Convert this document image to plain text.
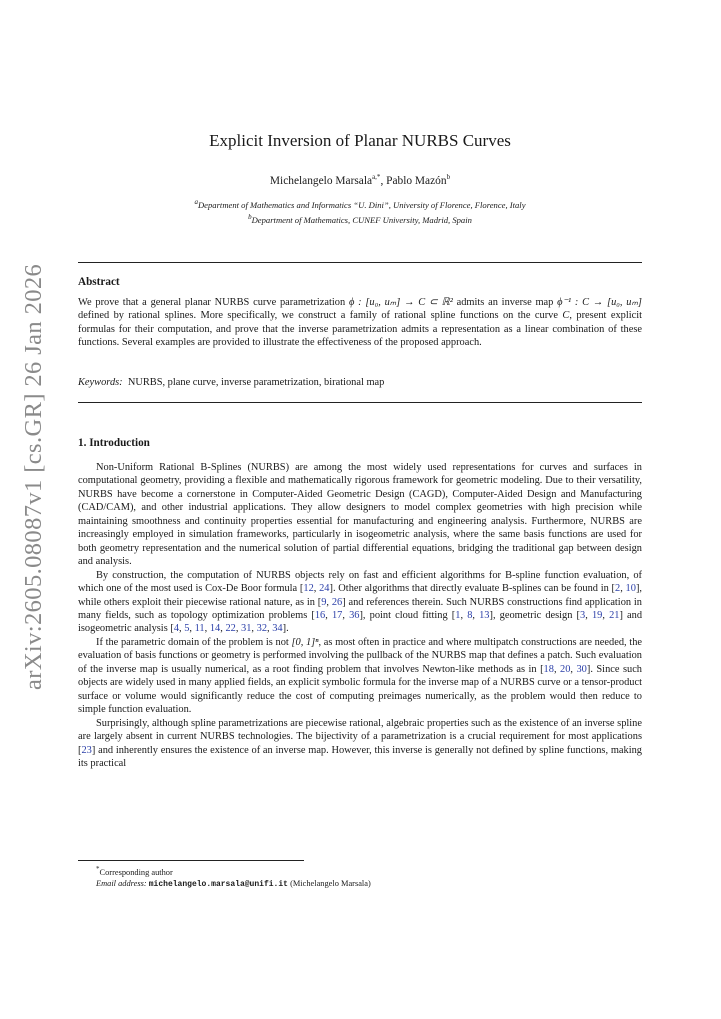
arXiv:2605.08087v1 [cs.GR] 26 Jan 2026
Explicit Inversion of Planar NURBS Curves
Michelangelo Marsala$^{a,*}$, Pablo Mazón$^b$
$^a$Department of Mathematics and Informatics “U. Dini”, University of Florence, Florence, Italy
$^b$Department of Mathematics, CUNEF University, Madrid, Spain
Abstract
We prove that a general planar NURBS curve parametrization ϕ : [u₀, uₘ] → C ⊂ ℝ² admits an inverse map ϕ⁻¹ : C → [u₀, uₘ] defined by rational splines. More specifically, we construct a family of rational spline functions on the curve C, present explicit formulas for their computation, and prove that the inverse parametrization admits a representation as a linear combination of these functions. Several examples are provided to illustrate the effectiveness of the proposed approach.
Keywords: NURBS, plane curve, inverse parametrization, birational map
1. Introduction

Non-Uniform Rational B-Splines (NURBS) are among the most widely used representations for curves and surfaces in computational geometry, providing a flexible and mathematically rigorous framework for geometric modeling. Due to their versatility, NURBS have become a cornerstone in Computer-Aided Geometric Design (CAGD), Computer-Aided Design and Manufacturing (CAD/CAM), and other industrial applications. They allow designers to model complex geometries with high precision while maintaining smoothness and continuity properties essential for manufacturing and engineering analysis. Furthermore, NURBS are increasingly employed in simulation frameworks, particularly in isogeometric analysis, where the same basis functions are used for both geometry representation and the numerical solution of partial differential equations, bridging the traditional gap between design and analysis.

By construction, the computation of NURBS objects rely on fast and efficient algorithms for B-spline function evaluation, of which one of the most used is Cox-De Boor formula [12, 24]. Other algorithms that directly evaluate B-splines can be found in [2, 10], while others exploit their piecewise rational nature, as in [9, 26] and references therein. Such NURBS constructions find application in many fields, such as topology optimization problems [16, 17, 36], point cloud fitting [1, 8, 13], geometric design [3, 19, 21] and isogeometric analysis [4, 5, 11, 14, 22, 31, 32, 34].

If the parametric domain of the problem is not [0, 1]ⁿ, as most often in practice and where multipatch constructions are needed, the evaluation of basis functions or geometry is performed involving the pullback of the NURBS map that defines a patch. Such evaluation of the inverse map is usually numerical, as a root finding problem that involves Newton-like methods as in [18, 20, 30]. Since such objects are widely used in many applied fields, an explicit symbolic formula for the inverse map of a NURBS curve or a tensor-product surface or volume would significantly reduce the cost of computing preimages numerically, as the problem would then reduce to simple function evaluation.

Surprisingly, although spline parametrizations are piecewise rational, algebraic properties such as the existence of an inverse spline are largely absent in current NURBS technologies. The bijectivity of a parametrization is a crucial requirement for most applications [23] and inherently ensures the existence of an inverse map. However, this inverse is generally not defined by spline functions, making its practical

*Corresponding author
Email address: michelangelo.marsala@unifi.it (Michelangelo Marsala)
